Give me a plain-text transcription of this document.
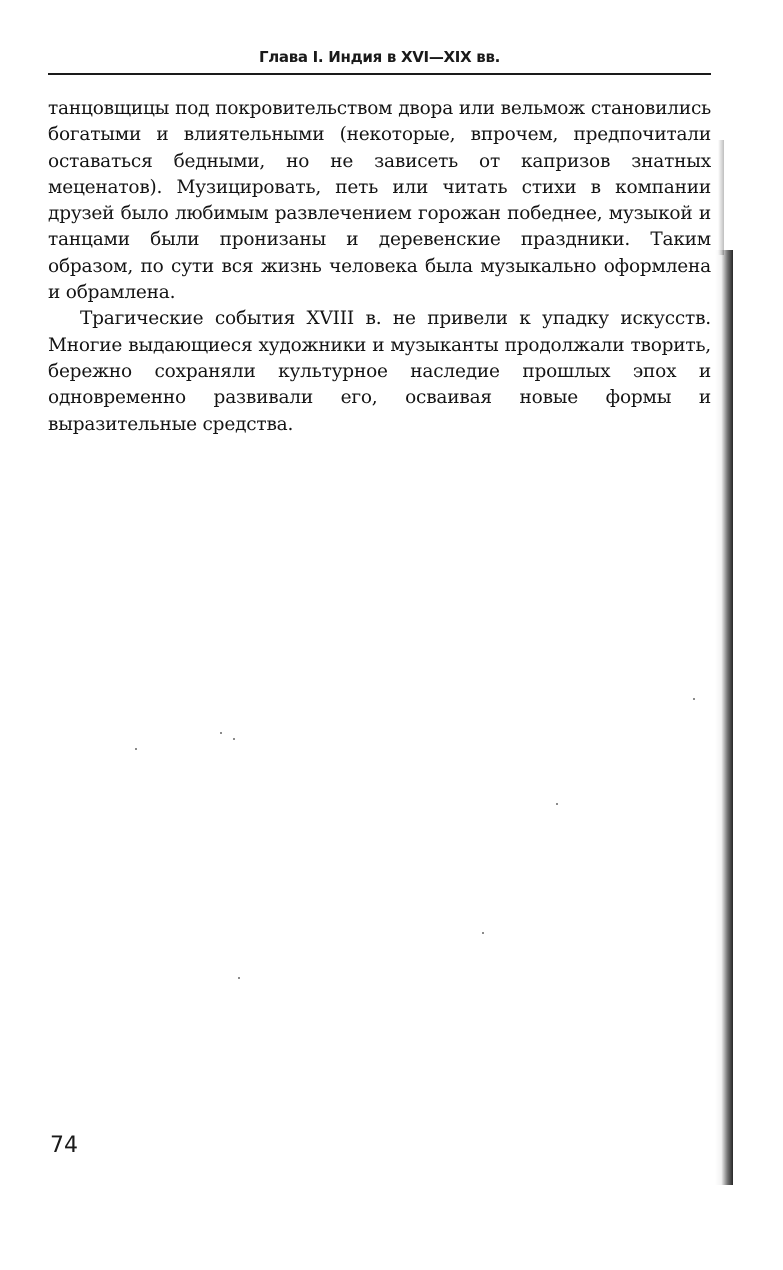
Глава I. Индия в XVI—XIX вв.

танцовщицы под покровительством двора или вельмож становились богатыми и влиятельными (некоторые, впрочем, предпочитали оставаться бедными, но не зависеть от капризов знатных меценатов). Музицировать, петь или читать стихи в компании друзей было любимым развлечением горожан победнее, музыкой и танцами были пронизаны и деревенские праздники. Таким образом, по сути вся жизнь человека была музыкально оформлена и обрамлена.

Трагические события XVIII в. не привели к упадку искусств. Многие выдающиеся художники и музыканты продолжали творить, бережно сохраняли культурное наследие прошлых эпох и одновременно развивали его, осваивая новые формы и выразительные средства.

74
